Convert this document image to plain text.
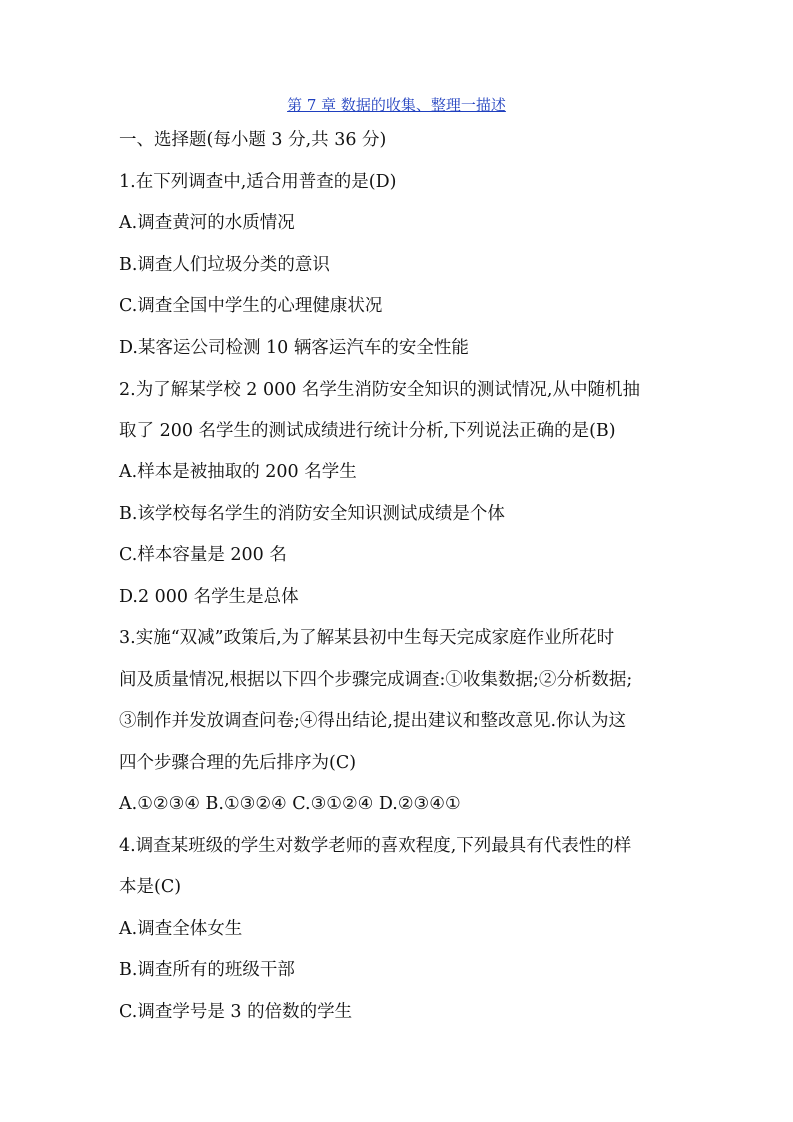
第 7 章 数据的收集、整理一描述
一、选择题(每小题 3 分,共 36 分)
1.在下列调查中,适合用普查的是(D)
A.调查黄河的水质情况
B.调查人们垃圾分类的意识
C.调查全国中学生的心理健康状况
D.某客运公司检测 10 辆客运汽车的安全性能
2.为了解某学校 2 000 名学生消防安全知识的测试情况,从中随机抽
取了 200 名学生的测试成绩进行统计分析,下列说法正确的是(B)
A.样本是被抽取的 200 名学生
B.该学校每名学生的消防安全知识测试成绩是个体
C.样本容量是 200 名
D.2 000 名学生是总体
3.实施“双减”政策后,为了解某县初中生每天完成家庭作业所花时
间及质量情况,根据以下四个步骤完成调查:①收集数据;②分析数据;
③制作并发放调查问卷;④得出结论,提出建议和整改意见.你认为这
四个步骤合理的先后排序为(C)
A.①②③④ B.①③②④ C.③①②④ D.②③④①
4.调查某班级的学生对数学老师的喜欢程度,下列最具有代表性的样
本是(C)
A.调查全体女生
B.调查所有的班级干部
C.调查学号是 3 的倍数的学生
